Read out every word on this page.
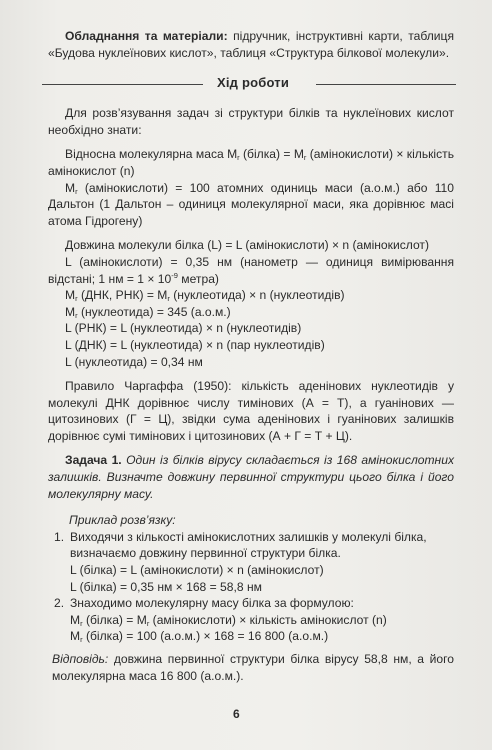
Обладнання та матеріали: підручник, інструктивні карти, таблиця «Будова нуклеїнових кислот», таблиця «Структура білкової молекули».

Хід роботи

Для розв’язування задач зі структури білків та нуклеїнових кислот необхідно знати:

Відносна молекулярна маса $M_r$ (білка) = $M_r$ (амінокислоти) × кількість амінокислот (n)

$M_r$ (амінокислоти) = 100 атомних одиниць маси (а.о.м.) або 110 Дальтон (1 Дальтон – одиниця молекулярної маси, яка дорівнює масі атома Гідрогену)

Довжина молекули білка (L) = L (амінокислоти) × n (амінокислот)

L (амінокислоти) = 0,35 нм (нанометр — одиниця вимірювання відстані; 1 нм = $1 \times 10^{-9}$ метра)

$M_r$ (ДНК, $РНК) = M_r$ (нуклеотида) × n (нуклеотидів)

$M_r$ (нуклеотида) = 345 (а.о.м.)

L (РНК) = L (нуклеотида) × n (нуклеотидів)

L (ДНК) = L (нуклеотида) × n (пар нуклеотидів)

L (нуклеотида) = 0,34 нм

Правило Чаргаффа (1950): кількість аденінових нуклеотидів у молекулі ДНК дорівнює числу тимінових (А = Т), а гуанінових — цитозинових (Г = Ц), звідки сума аденінових і гуанінових залишків дорівнює сумі тимінових і цитозинових (А + Г = Т + Ц).

Задача 1. Один із білків вірусу складається із 168 амінокислотних залишків. Визначте довжину первинної структури цього білка і його молекулярну масу.

Приклад розв’язку:

1. Виходячи з кількості амінокислотних залишків у молекулі білка, визначаємо довжину первинної структури білка.

L (білка) = L (амінокислоти) × n (амінокислот)

L (білка) = 0,35 нм × 168 = 58,8 нм

2. Знаходимо молекулярну масу білка за формулою:

$M_r$ (білка) = $M_r$ (амінокислоти) × кількість амінокислот (n)

$M_r$ (білка) = 100 (а.о.м.) × 168 = 16 800 (а.о.м.)

Відповідь: довжина первинної структури білка вірусу 58,8 нм, а його молекулярна маса 16 800 (а.о.м.).

6
